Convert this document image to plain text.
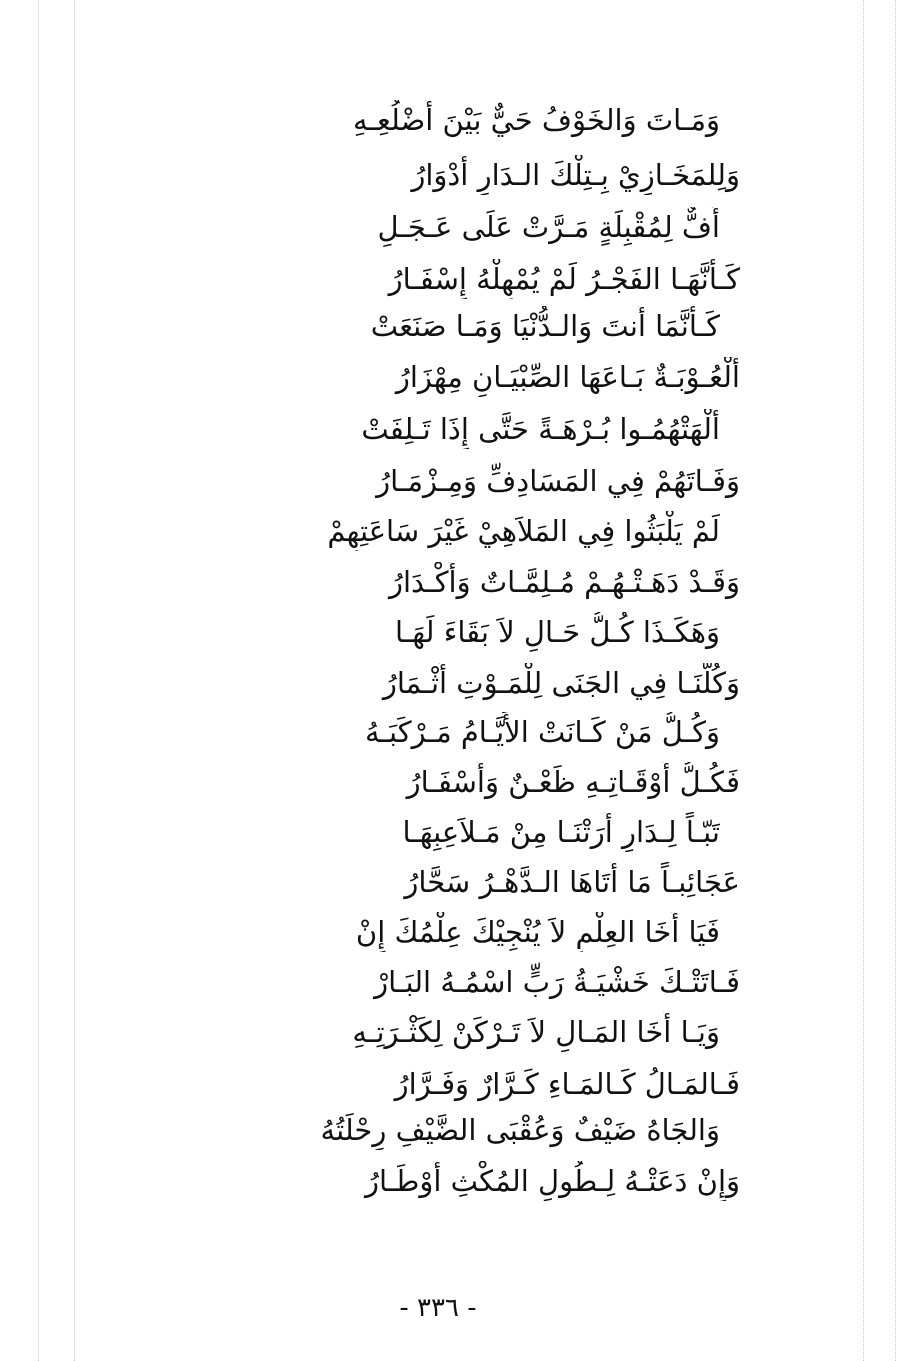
وَمَـاتَ وَالخَوْفُ حَيٌّ بَيْنَ أَضْلُعِـهِ
وَلِلمَخَـازِيْ بِـتِلْكَ الـدَارِ أَدْوَارُ
أُفٌّ لِمُقْبِلَةٍ مَـرَّتْ عَلَى عَـجَـلٍ
كَـأَنَّهَـا الفَجْـرُ لَمْ يُمْهِلْهُ إِسْفَـارُ
كَـأَنَّمَا أَنتَ وَالـدُّنْيَا وَمَـا صَنَعَتْ
أُلْعُـوْبَـةٌ بَـاعَهَا الصِّبْيَـانِ مِهْزَارُ
أَلْهَتْهُمُـوا بُـرْهَـةً حَتَّى إِذَا تَـلِفَتْ
وَفَـاتَهُمْ فِي المَسَادِفِّ وَمِـزْمَـارُ
لَمْ يَلْبَثُوا فِي المَلاَهِيْ غَيْرَ سَاعَتِهِمْ
وَقَـدْ دَهَـتْـهُـمْ مُـلِمَّـاتٌ وَأَكْـدَارُ
وَهَكَـذَا كُـلُّ حَـالٍ لاَ بَقَاءَ لَهَـا
وَكُلُّنَـا فِي الجَنَى لِلْمَـوْتِ أَثْـمَارُ
وَكُـلُّ مَنْ كَـانَتْ الأَيَّـامُ مَـرْكَبَـهُ
فَكُـلُّ أَوْقَـاتِـهِ ظَعْـنٌ وَأَسْفَـارُ
تَبّـاً لِـدَارٍ أَرَتْنَـا مِنْ مَـلاَعِبِهَـا
عَجَائِبـاً مَا أَتَاهَا الـدَّهْـرُ سَحَّارُ
فَيَا أَخَا العِلْمِ لاَ يُنْجِيْكَ عِلْمُكَ إِنْ
فَـاتَتْـكَ خَشْيَـةُ رَبٍّ اسْمُـهُ البَـارْ
وَيَـا أَخَا المَـالِ لاَ تَـرْكَنْ لِكَثْـرَتِـهِ
فَـالمَـالُ كَـالمَـاءِ كَـرَّارٌ وَفَـرَّارُ
وَالجَاهُ ضَيْفٌ وَعُقْبَى الضَّيْفِ رِحْلَتُهُ
وَإِنْ دَعَتْـهُ لِـطُولِ المُكْثِ أَوْطَـارُ
- ٣٣٦ -
